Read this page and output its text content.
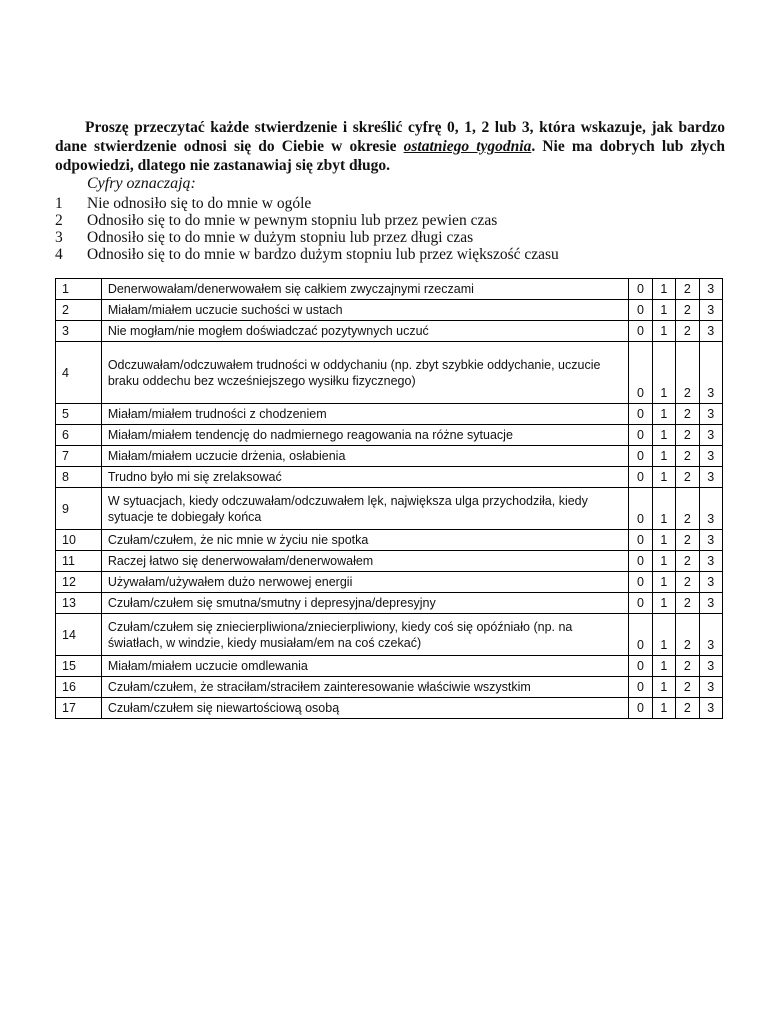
Proszę przeczytać każde stwierdzenie i skreślić cyfrę 0, 1, 2 lub 3, która wskazuje, jak bardzo dane stwierdzenie odnosi się do Ciebie w okresie ostatniego tygodnia. Nie ma dobrych lub złych odpowiedzi, dlatego nie zastanawiaj się zbyt długo.

Cyfry oznaczają:

1	Nie odnosiło się to do mnie w ogóle
2	Odnosiło się to do mnie w pewnym stopniu lub przez pewien czas
3	Odnosiło się to do mnie w dużym stopniu lub przez długi czas
4	Odnosiło się to do mnie w bardzo dużym stopniu lub przez większość czasu
1	Denerwowałam/denerwowałem się całkiem zwyczajnymi rzeczami	0	1	2	3
2	Miałam/miałem uczucie suchości w ustach	0	1	2	3
3	Nie mogłam/nie mogłem doświadczać pozytywnych uczuć	0	1	2	3
4	Odczuwałam/odczuwałem trudności w oddychaniu (np. zbyt szybkie oddychanie, uczucie braku oddechu bez wcześniejszego wysiłku fizycznego)	0	1	2	3
5	Miałam/miałem trudności z chodzeniem	0	1	2	3
6	Miałam/miałem tendencję do nadmiernego reagowania na różne sytuacje	0	1	2	3
7	Miałam/miałem uczucie drżenia, osłabienia	0	1	2	3
8	Trudno było mi się zrelaksować	0	1	2	3
9	W sytuacjach, kiedy odczuwałam/odczuwałem lęk, największa ulga przychodziła, kiedy sytuacje te dobiegały końca	0	1	2	3
10	Czułam/czułem, że nic mnie w życiu nie spotka	0	1	2	3
11	Raczej łatwo się denerwowałam/denerwowałem	0	1	2	3
12	Używałam/używałem dużo nerwowej energii	0	1	2	3
13	Czułam/czułem się smutna/smutny i depresyjna/depresyjny	0	1	2	3
14	Czułam/czułem się zniecierpliwiona/zniecierpliwiony, kiedy coś się opóźniało (np. na światłach, w windzie, kiedy musiałam/em na coś czekać)	0	1	2	3
15	Miałam/miałem uczucie omdlewania	0	1	2	3
16	Czułam/czułem, że straciłam/straciłem zainteresowanie właściwie wszystkim	0	1	2	3
17	Czułam/czułem się niewartościową osobą	0	1	2	3
